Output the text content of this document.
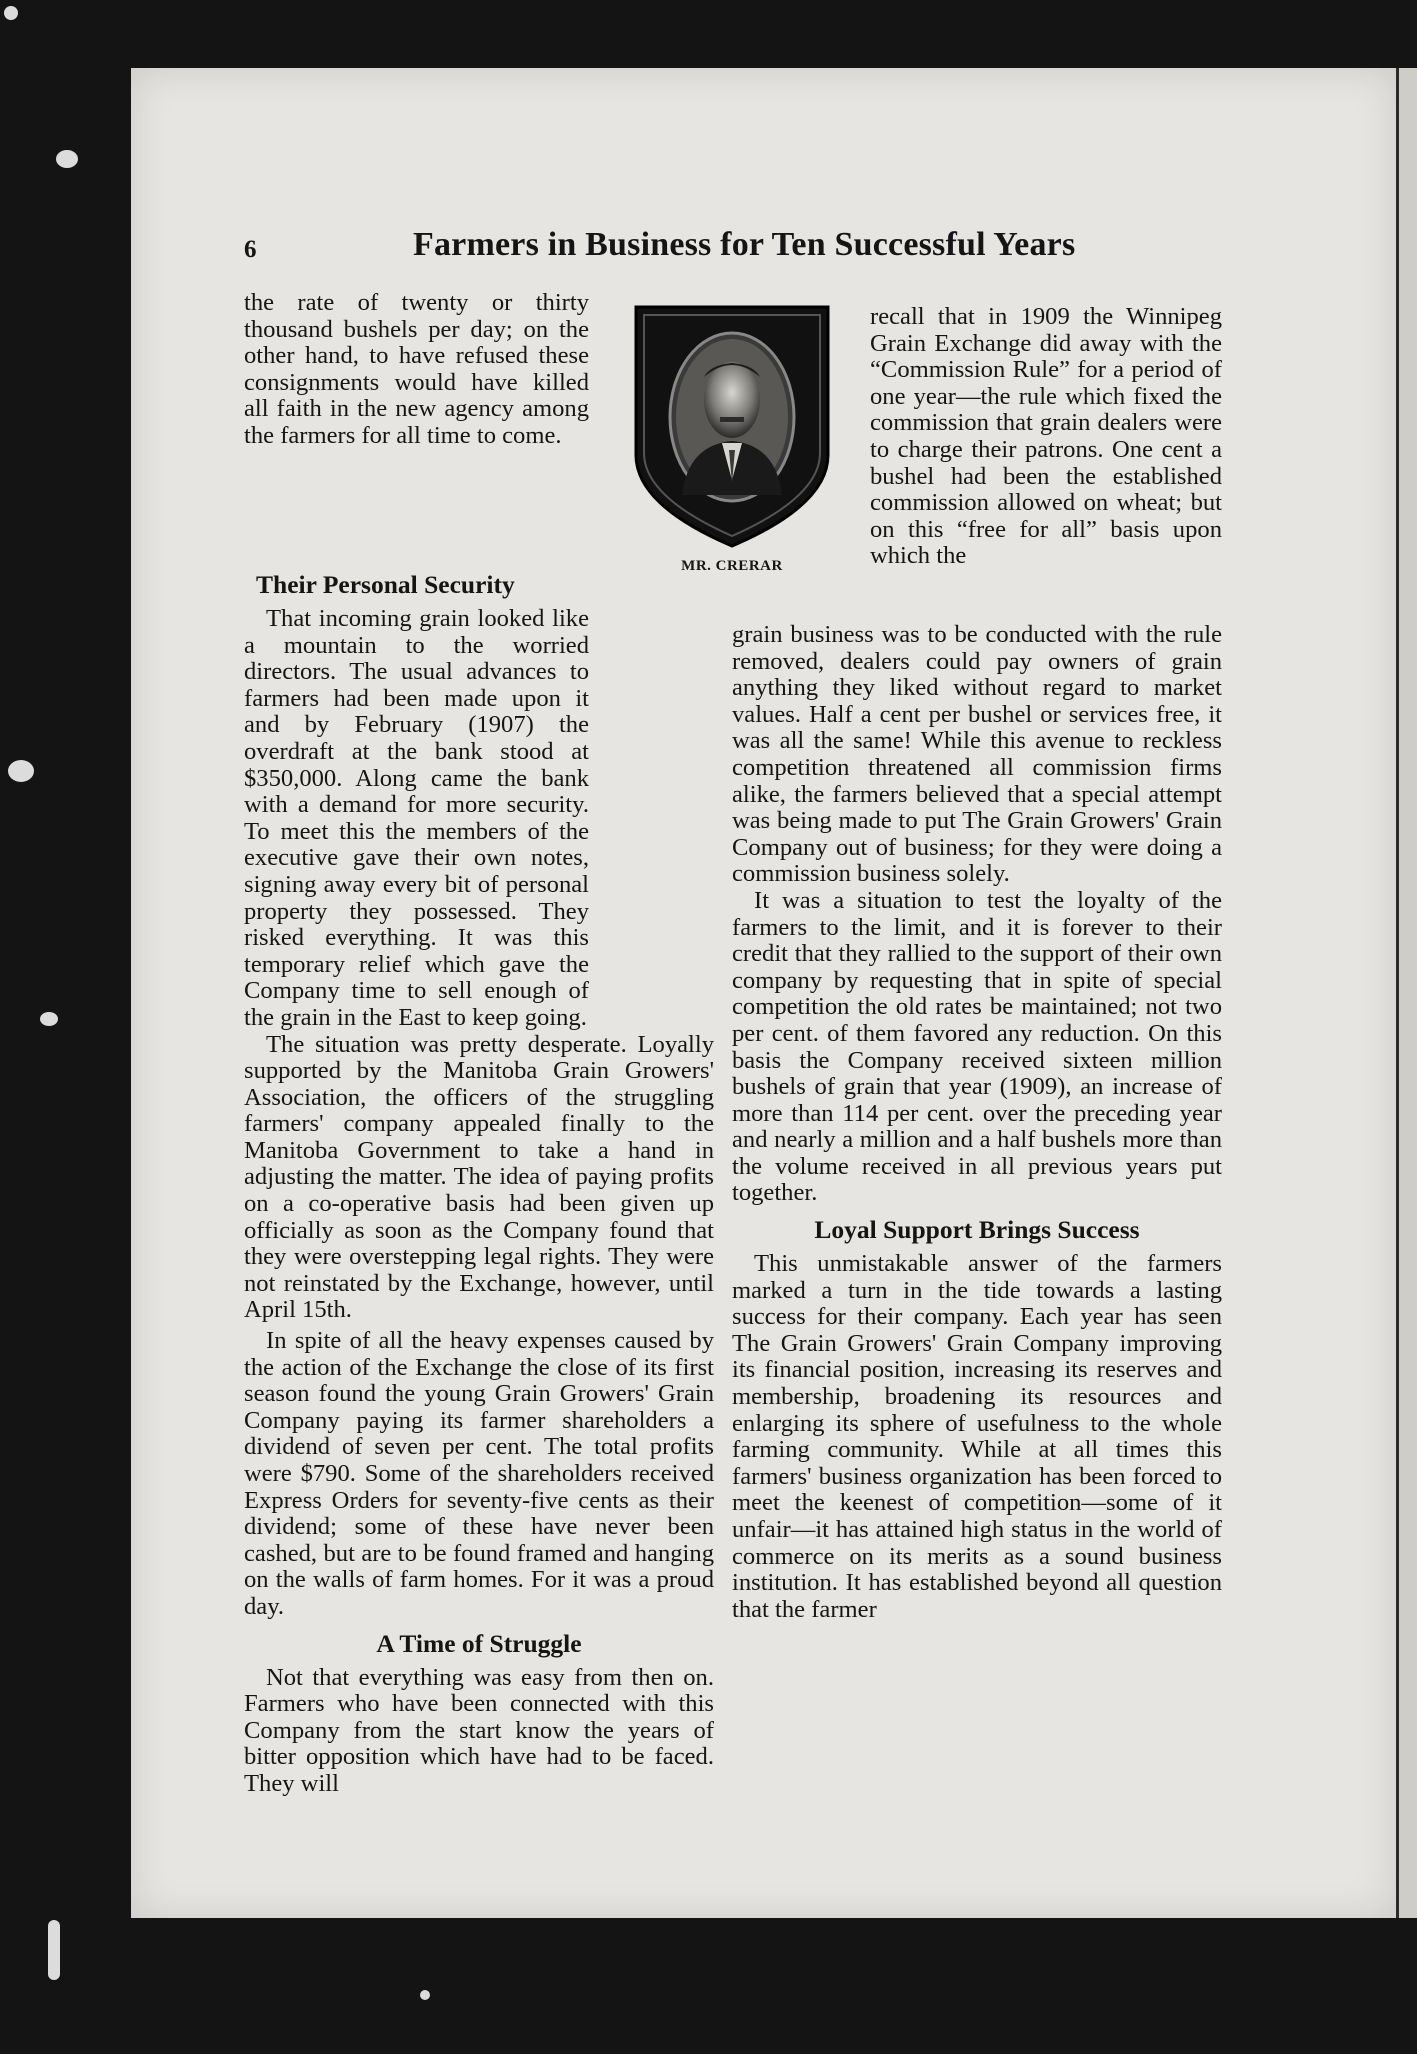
6	Farmers in Business for Ten Successful Years

the rate of twenty or thirty thousand bushels per day; on the other hand, to have refused these consignments would have killed all faith in the new agency among the farmers for all time to come.

MR. CRERAR
Their Personal Security

That incoming grain looked like a mountain to the worried directors. The usual advances to farmers had been made upon it and by February (1907) the overdraft at the bank stood at $350,000. Along came the bank with a demand for more security. To meet this the members of the executive gave their own notes, signing away every bit of personal property they possessed. They risked everything. It was this temporary relief which gave the Company time to sell enough of the grain in the East to keep going.

The situation was pretty desperate. Loyally supported by the Manitoba Grain Growers' Association, the officers of the struggling farmers' company appealed finally to the Manitoba Government to take a hand in adjusting the matter. The idea of paying profits on a co-operative basis had been given up officially as soon as the Company found that they were overstepping legal rights. They were not reinstated by the Exchange, however, until April 15th.

In spite of all the heavy expenses caused by the action of the Exchange the close of its first season found the young Grain Growers' Grain Company paying its farmer shareholders a dividend of seven per cent. The total profits were $790. Some of the shareholders received Express Orders for seventy-five cents as their dividend; some of these have never been cashed, but are to be found framed and hanging on the walls of farm homes. For it was a proud day.

A Time of Struggle

Not that everything was easy from then on. Farmers who have been connected with this Company from the start know the years of bitter opposition which have had to be faced. They will

recall that in 1909 the Winnipeg Grain Exchange did away with the “Commission Rule” for a period of one year—the rule which fixed the commission that grain dealers were to charge their patrons. One cent a bushel had been the established commission allowed on wheat; but on this “free for all” basis upon which the

grain business was to be conducted with the rule removed, dealers could pay owners of grain anything they liked without regard to market values. Half a cent per bushel or services free, it was all the same! While this avenue to reckless competition threatened all commission firms alike, the farmers believed that a special attempt was being made to put The Grain Growers' Grain Company out of business; for they were doing a commission business solely.

It was a situation to test the loyalty of the farmers to the limit, and it is forever to their credit that they rallied to the support of their own company by requesting that in spite of special competition the old rates be maintained; not two per cent. of them favored any reduction. On this basis the Company received sixteen million bushels of grain that year (1909), an increase of more than 114 per cent. over the preceding year and nearly a million and a half bushels more than the volume received in all previous years put together.

Loyal Support Brings Success

This unmistakable answer of the farmers marked a turn in the tide towards a lasting success for their company. Each year has seen The Grain Growers' Grain Company improving its financial position, increasing its reserves and membership, broadening its resources and enlarging its sphere of usefulness to the whole farming community. While at all times this farmers' business organization has been forced to meet the keenest of competition—some of it unfair—it has attained high status in the world of commerce on its merits as a sound business institution. It has established beyond all question that the farmer
